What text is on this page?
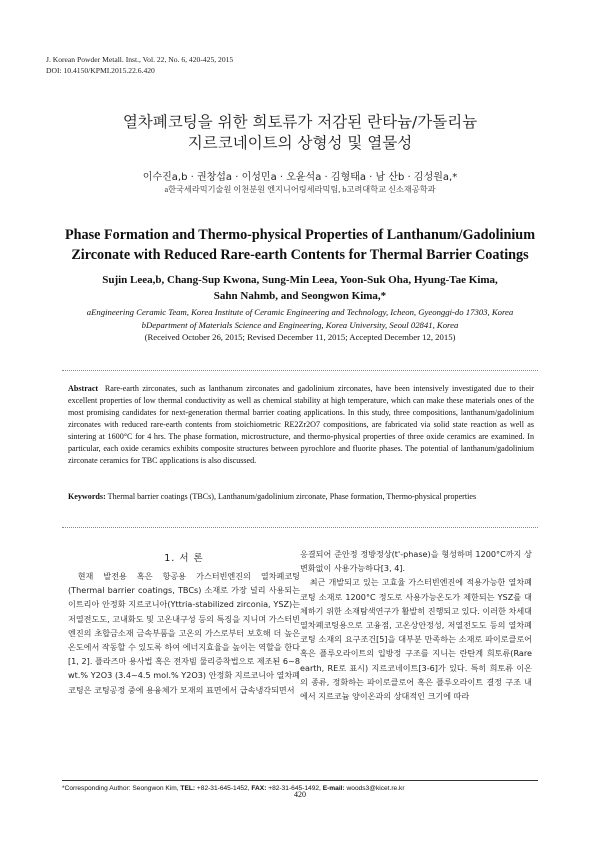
J. Korean Powder Metall. Inst., Vol. 22, No. 6, 420-425, 2015
DOI: 10.4150/KPMI.2015.22.6.420
열차폐코팅을 위한 희토류가 저감된 란타늄/가돌리늄
지르코네이트의 상형성 및 열물성
이수진a,b · 권창섭a · 이성민a · 오윤석a · 김형태a · 남 산b · 김성원a,*
a한국세라믹기술원 이천분원 엔지니어링세라믹팀, b고려대학교 신소재공학과
Phase Formation and Thermo-physical Properties of Lanthanum/Gadolinium
Zirconate with Reduced Rare-earth Contents for Thermal Barrier Coatings
Sujin Leea,b, Chang-Sup Kwona, Sung-Min Leea, Yoon-Suk Oha, Hyung-Tae Kima,
Sahn Nahmb, and Seongwon Kima,*
aEngineering Ceramic Team, Korea Institute of Ceramic Engineering and Technology, Icheon, Gyeonggi-do 17303, Korea
bDepartment of Materials Science and Engineering, Korea University, Seoul 02841, Korea
(Received October 26, 2015; Revised December 11, 2015; Accepted December 12, 2015)
Abstract Rare-earth zirconates, such as lanthanum zirconates and gadolinium zirconates, have been intensively investigated due to their excellent properties of low thermal conductivity as well as chemical stability at high temperature, which can make these materials ones of the most promising candidates for next-generation thermal barrier coating applications. In this study, three compositions, lanthanum/gadolinium zirconates with reduced rare-earth contents from stoichiometric RE2Zr2O7 compositions, are fabricated via solid state reaction as well as sintering at 1600°C for 4 hrs. The phase formation, microstructure, and thermo-physical properties of three oxide ceramics are examined. In particular, each oxide ceramics exhibits composite structures between pyrochlore and fluorite phases. The potential of lanthanum/gadolinium zirconate ceramics for TBC applications is also discussed.
Keywords: Thermal barrier coatings (TBCs), Lanthanum/gadolinium zirconate, Phase formation, Thermo-physical properties
1. 서 론

현재 발전용 혹은 항공용 가스터빈엔진의 열차폐코팅 (Thermal barrier coatings, TBCs) 소재로 가장 널리 사용되는 이트리아 안정화 지르코니아(Yttria-stabilized zirconia, YSZ)는 저열전도도, 고내화도 및 고온내구성 등의 특징을 지니며 가스터빈엔진의 초합금소재 금속부품을 고온의 가스로부터 보호해 더 높은 온도에서 작동할 수 있도록 하여 에너지효율을 높이는 역할을 한다[1, 2]. 플라즈마 용사법 혹은 전자빔 물리증착법으로 제조된 6~8 wt.% Y2O3 (3.4~4.5 mol.% Y2O3) 안정화 지르코니아 열차폐코팅은 코팅공정 중에 용융체가 모재의 표면에서 급속냉각되면서

응결되어 준안정 정방정상(t'-phase)을 형성하며 1200°C까지 상변화없이 사용가능하다[3, 4].

최근 개발되고 있는 고효율 가스터빈엔진에 적용가능한 열차폐코팅 소재로 1200°C 정도로 사용가능온도가 제한되는 YSZ를 대체하기 위한 소재탐색연구가 활발히 진행되고 있다. 이러한 차세대 열차폐코팅용으로 고융점, 고온상안정성, 저열전도도 등의 열차폐코팅 소재의 요구조건[5]을 대부분 만족하는 소재로 파이로클로어 혹은 플루오라이트의 입방정 구조를 지니는 란탄계 희토류(Rare earth, RE로 표시) 지르코네이트[3-6]가 있다. 특히 희토류 이온의 종류, 정화하는 파이로클로어 혹은 플루오라이트 결정 구조 내에서 지르코늄 양이온과의 상대적인 크기에 따라

*Corresponding Author: Seongwon Kim, TEL: +82-31-645-1452, FAX: +82-31-645-1492, E-mail: woods3@kicet.re.kr
420
